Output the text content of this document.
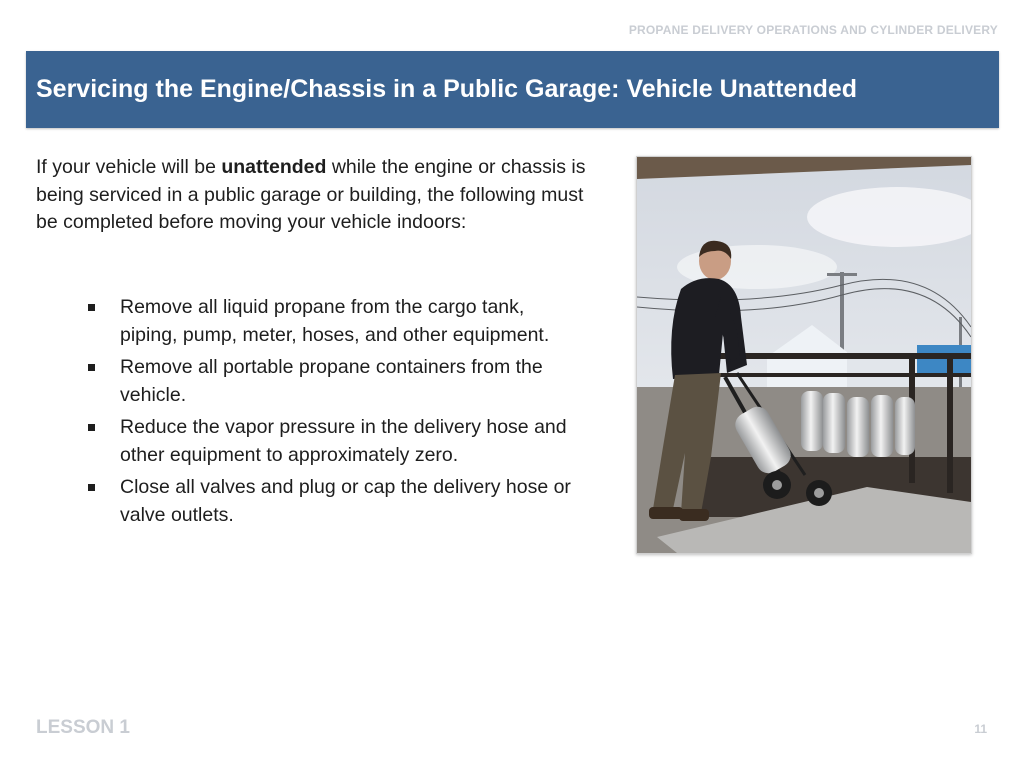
PROPANE DELIVERY OPERATIONS AND CYLINDER DELIVERY
Servicing the Engine/Chassis in a Public Garage: Vehicle Unattended

If your vehicle will be unattended while the engine or chassis is being serviced in a public garage or building, the following must be completed before moving your vehicle indoors:

Remove all liquid propane from the cargo tank, piping, pump, meter, hoses, and other equipment.
Remove all portable propane containers from the vehicle.
Reduce the vapor pressure in the delivery hose and other equipment to approximately zero.
Close all valves and plug or cap the delivery hose or valve outlets.
LESSON 1	11
